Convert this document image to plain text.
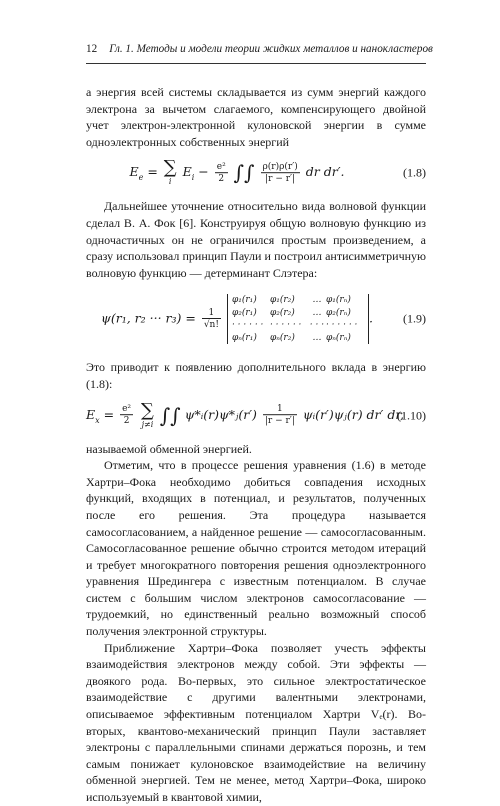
12 Гл. 1. Методы и модели теории жидких металлов и нанокластеров

а энергия всей системы складывается из сумм энергий каждого электрона за вычетом слагаемого, компенсирующего двойной учет электрон-электронной кулоновской энергии в сумме одноэлектронных собственных энергий

$E_e$ = ∑
i
$E_i - \frac{\text{e²}}{2}$ ∫∫ $\frac{\rho(r)\rho(r')}{|r - r'|}$ dr dr′.	(1.8)

Дальнейшее уточнение относительно вида волновой функции сделал В. А. Фок [6]. Конструируя общую волновую функцию из одночастичных он не ограничился простым произведением, а сразу использовал принцип Паули и построил антисимметричную волновую функцию — детерминант Слэтера:

ψ(r₁, r₂ ··· $r_3) = \frac{1}{√n!}$

φ₁(r₁) φ₁(r₂) … φ₁(rₙ)
φ₂(r₁) φ₂(r₂) … φ₂(rₙ)
· · · · · · · · · · · · · · · · · · · · ·
φₙ(r₁) φₙ(r₂) … φₙ(rₙ)
.	(1.9)

Это приводит к появлению дополнительного вклада в энергию (1.8):

$E_x = \frac{\text{e²}}{2}$
∑
j≠i ∫∫ ψ*ᵢ(r)ψ*ⱼ(r′) $\frac{1}{|r - r'|}$ ψᵢ(r′)ψⱼ(r) dr′ dr,
(1.10)

называемой обменной энергией.

Отметим, что в процессе решения уравнения (1.6) в методе Хартри–Фока необходимо добиться совпадения исходных функций, входящих в потенциал, и результатов, полученных после его решения. Эта процедура называется самосогласованием, а найденное решение — самосогласованным. Самосогласованное решение обычно строится методом итераций и требует многократного повторения решения одноэлектронного уравнения Шредингера с известным потенциалом. В случае систем с большим числом электронов самосогласование — трудоемкий, но единственный реально возможный способ получения электронной структуры.

Приближение Хартри–Фока позволяет учесть эффекты взаимодействия электронов между собой. Эти эффекты — двоякого рода. Во-первых, это сильное электростатическое взаимодействие с другими валентными электронами, описываемое эффективным потенциалом Хартри Vₑ(r). Во-вторых, квантово-механический принцип Паули заставляет электроны с параллельными спинами держаться порознь, и тем самым понижает кулоновское взаимодействие на величину обменной энергией. Тем не менее, метод Хартри–Фока, широко используемый в квантовой химии,
